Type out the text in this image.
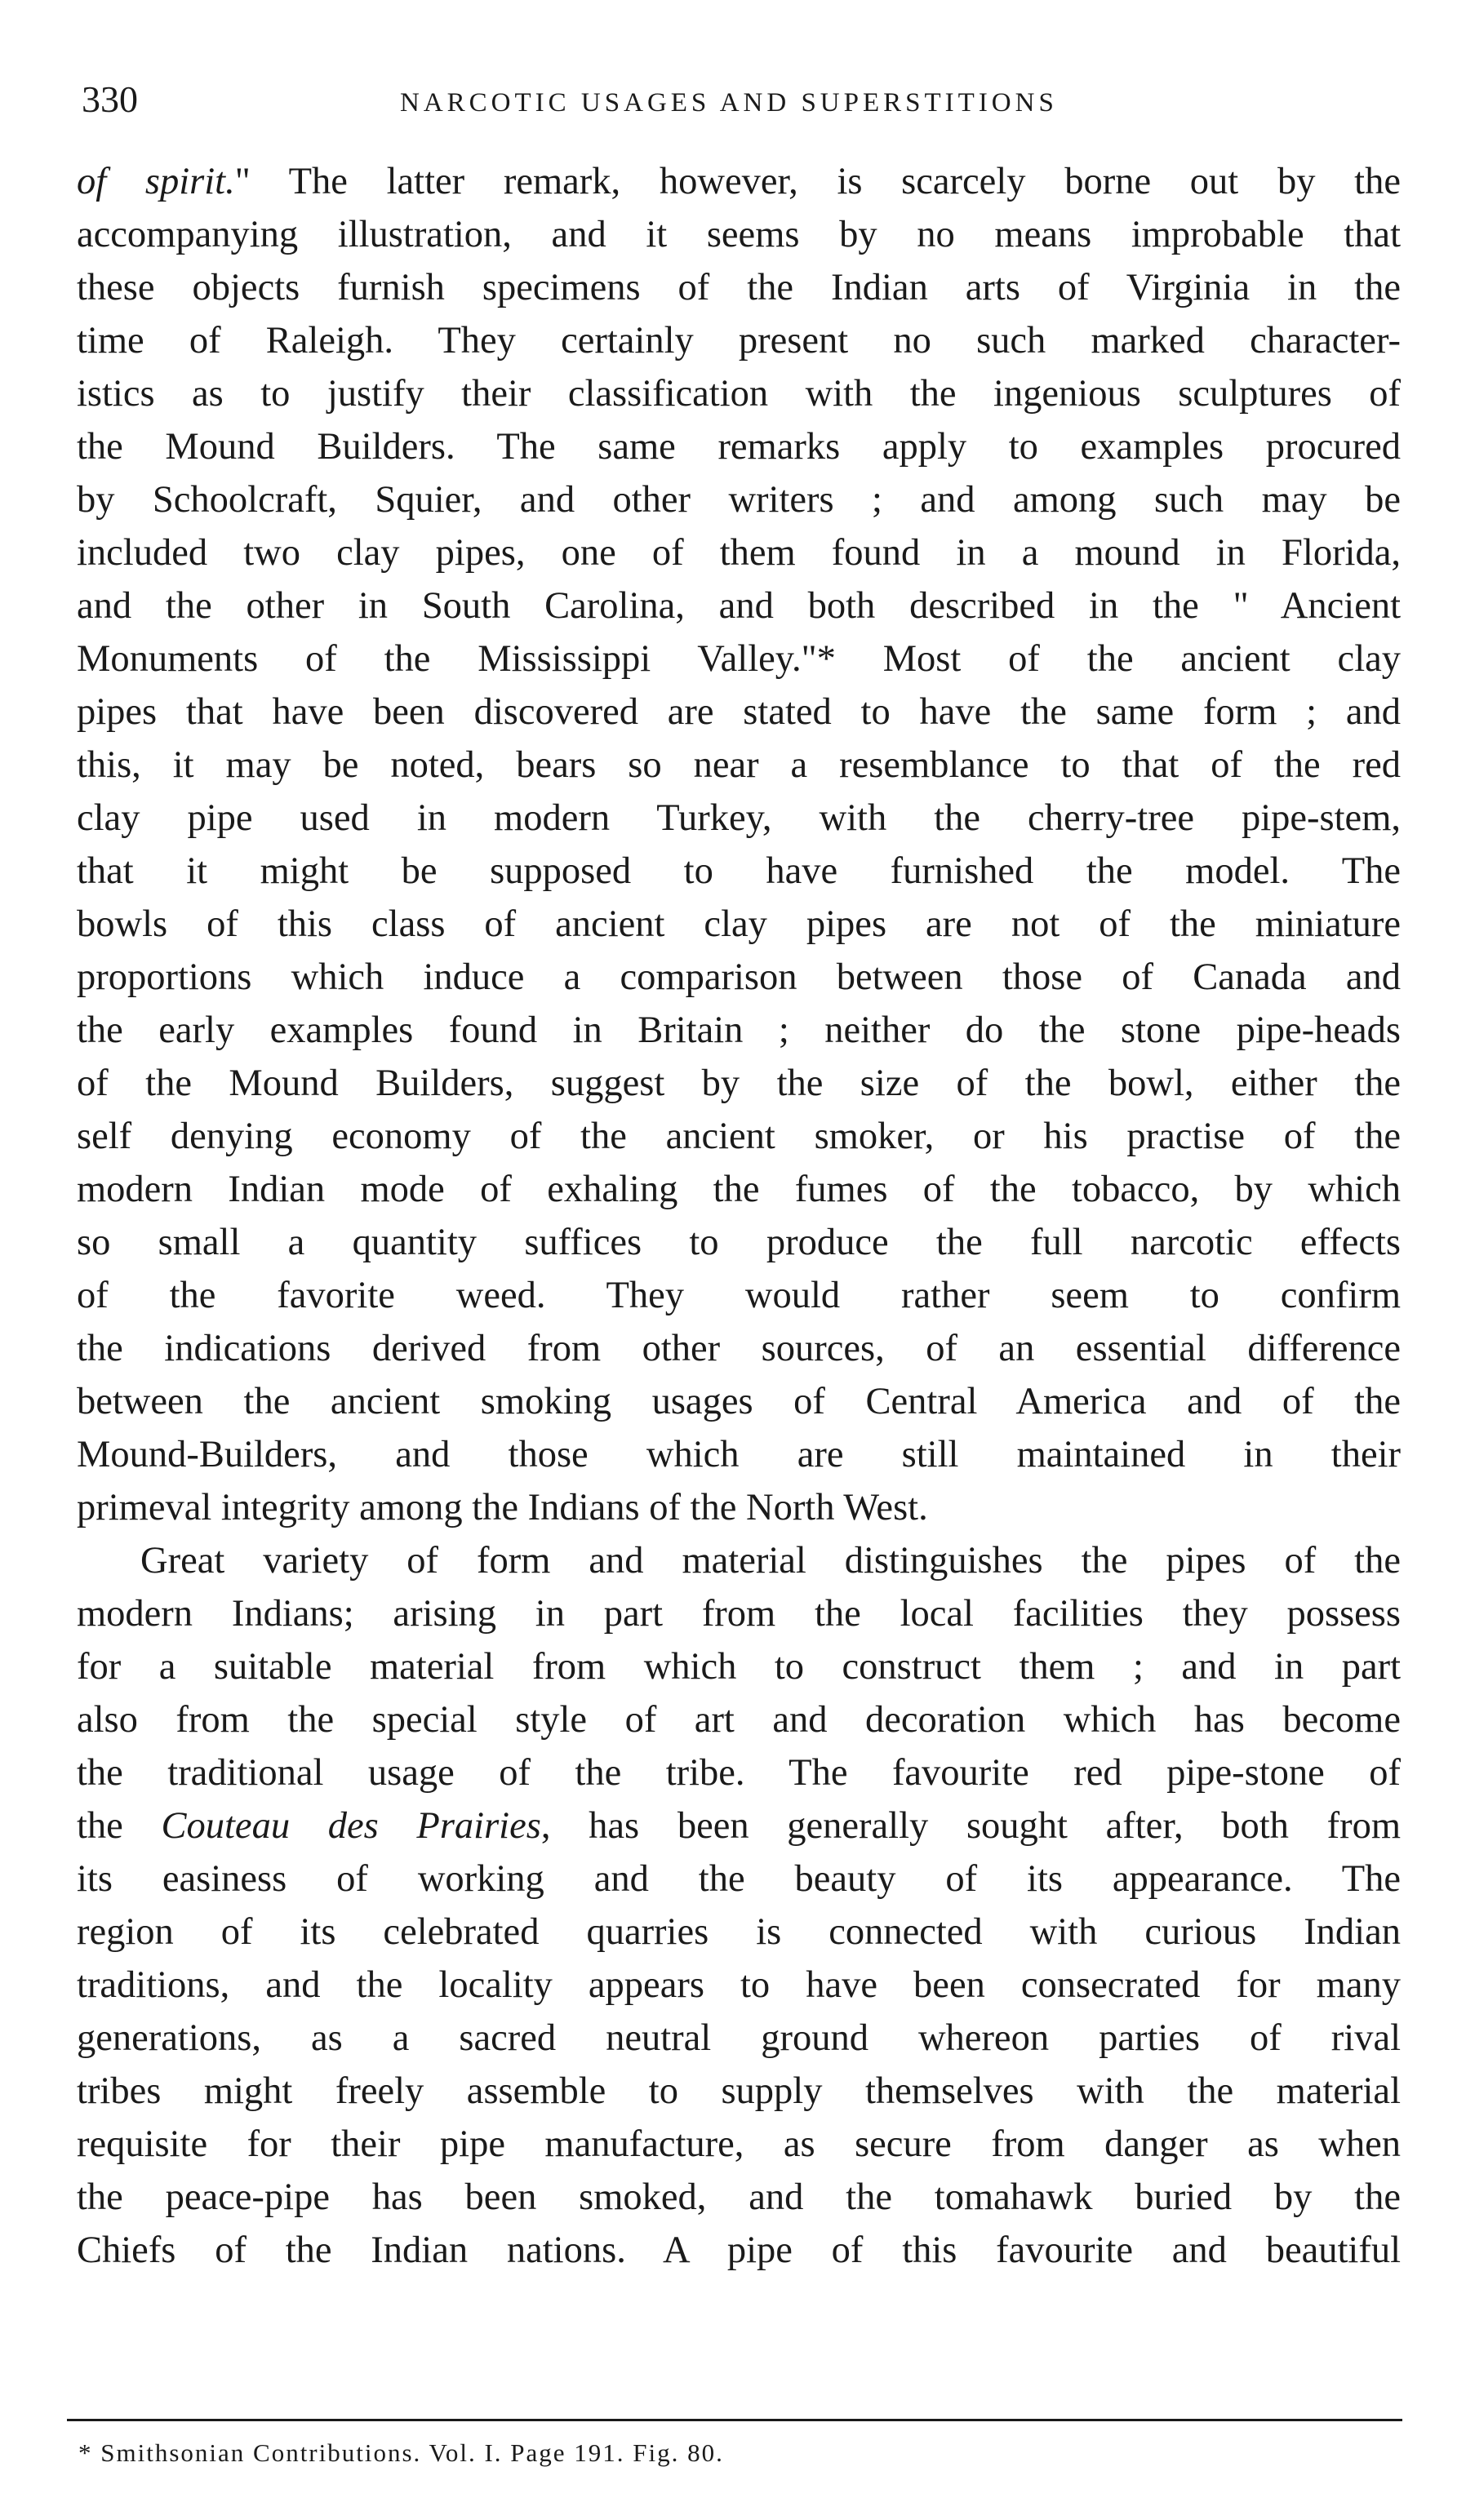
330	NARCOTIC USAGES AND SUPERSTITIONS
of spirit." The latter remark, however, is scarcely borne out by the
accompanying illustration, and it seems by no means improbable that
these objects furnish specimens of the Indian arts of Virginia in the
time of Raleigh. They certainly present no such marked character-
istics as to justify their classification with the ingenious sculptures of
the Mound Builders. The same remarks apply to examples procured
by Schoolcraft, Squier, and other writers ; and among such may be
included two clay pipes, one of them found in a mound in Florida,
and the other in South Carolina, and both described in the " Ancient
Monuments of the Mississippi Valley."* Most of the ancient clay
pipes that have been discovered are stated to have the same form ; and
this, it may be noted, bears so near a resemblance to that of the red
clay pipe used in modern Turkey, with the cherry-tree pipe-stem,
that it might be supposed to have furnished the model. The
bowls of this class of ancient clay pipes are not of the miniature
proportions which induce a comparison between those of Canada and
the early examples found in Britain ; neither do the stone pipe-heads
of the Mound Builders, suggest by the size of the bowl, either the
self denying economy of the ancient smoker, or his practise of the
modern Indian mode of exhaling the fumes of the tobacco, by which
so small a quantity suffices to produce the full narcotic effects
of the favorite weed. They would rather seem to confirm
the indications derived from other sources, of an essential difference
between the ancient smoking usages of Central America and of the
Mound-Builders, and those which are still maintained in their
primeval integrity among the Indians of the North West.
Great variety of form and material distinguishes the pipes of the
modern Indians; arising in part from the local facilities they possess
for a suitable material from which to construct them ; and in part
also from the special style of art and decoration which has become
the traditional usage of the tribe. The favourite red pipe-stone of
the Couteau des Prairies, has been generally sought after, both from
its easiness of working and the beauty of its appearance. The
region of its celebrated quarries is connected with curious Indian
traditions, and the locality appears to have been consecrated for many
generations, as a sacred neutral ground whereon parties of rival
tribes might freely assemble to supply themselves with the material
requisite for their pipe manufacture, as secure from danger as when
the peace-pipe has been smoked, and the tomahawk buried by the
Chiefs of the Indian nations. A pipe of this favourite and beautiful
* Smithsonian Contributions. Vol. I. Page 191. Fig. 80.
